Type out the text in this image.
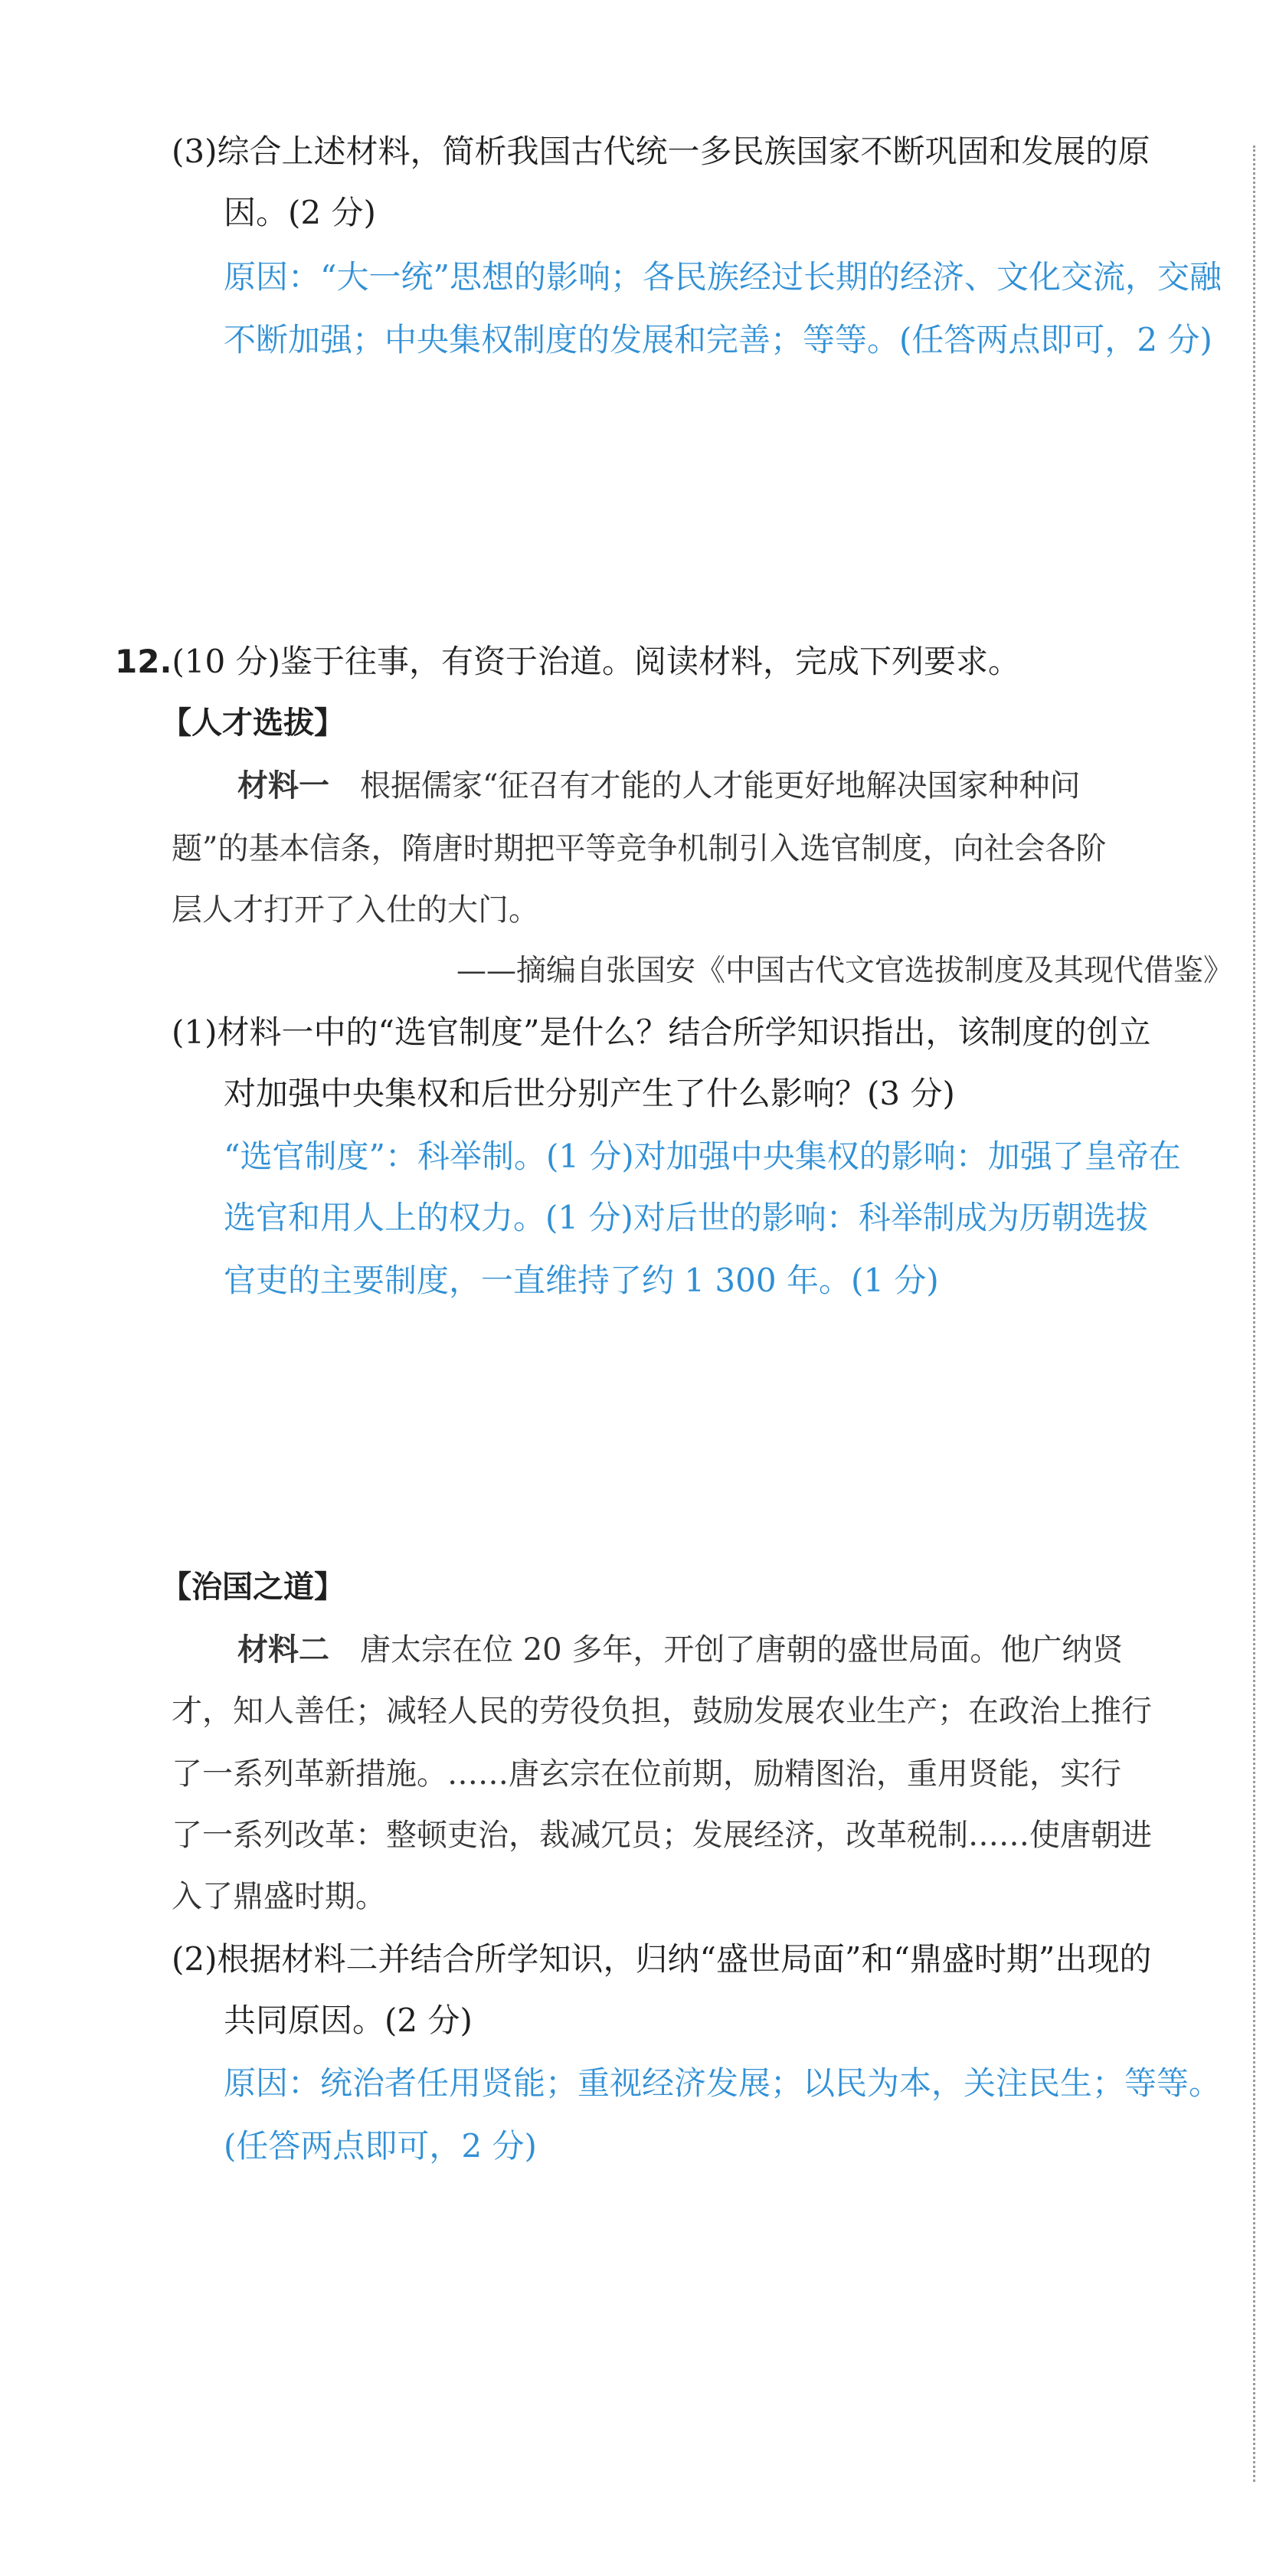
(3)综合上述材料，简析我国古代统一多民族国家不断巩固和发展的原
因。(2 分)
原因：“大一统”思想的影响；各民族经过长期的经济、文化交流，交融
不断加强；中央集权制度的发展和完善；等等。(任答两点即可，2 分)
12.(10 分)鉴于往事，有资于治道。阅读材料，完成下列要求。
【人才选拔】
材料一 根据儒家“征召有才能的人才能更好地解决国家种种问
题”的基本信条，隋唐时期把平等竞争机制引入选官制度，向社会各阶
层人才打开了入仕的大门。
——摘编自张国安《中国古代文官选拔制度及其现代借鉴》
(1)材料一中的“选官制度”是什么？结合所学知识指出，该制度的创立
对加强中央集权和后世分别产生了什么影响？(3 分)
“选官制度”：科举制。(1 分)对加强中央集权的影响：加强了皇帝在
选官和用人上的权力。(1 分)对后世的影响：科举制成为历朝选拔
官吏的主要制度，一直维持了约 1 300 年。(1 分)
【治国之道】
材料二 唐太宗在位 20 多年，开创了唐朝的盛世局面。他广纳贤
才，知人善任；减轻人民的劳役负担，鼓励发展农业生产；在政治上推行
了一系列革新措施。……唐玄宗在位前期，励精图治，重用贤能，实行
了一系列改革：整顿吏治，裁减冗员；发展经济，改革税制……使唐朝进
入了鼎盛时期。
(2)根据材料二并结合所学知识，归纳“盛世局面”和“鼎盛时期”出现的
共同原因。(2 分)
原因：统治者任用贤能；重视经济发展；以民为本，关注民生；等等。
(任答两点即可，2 分)
